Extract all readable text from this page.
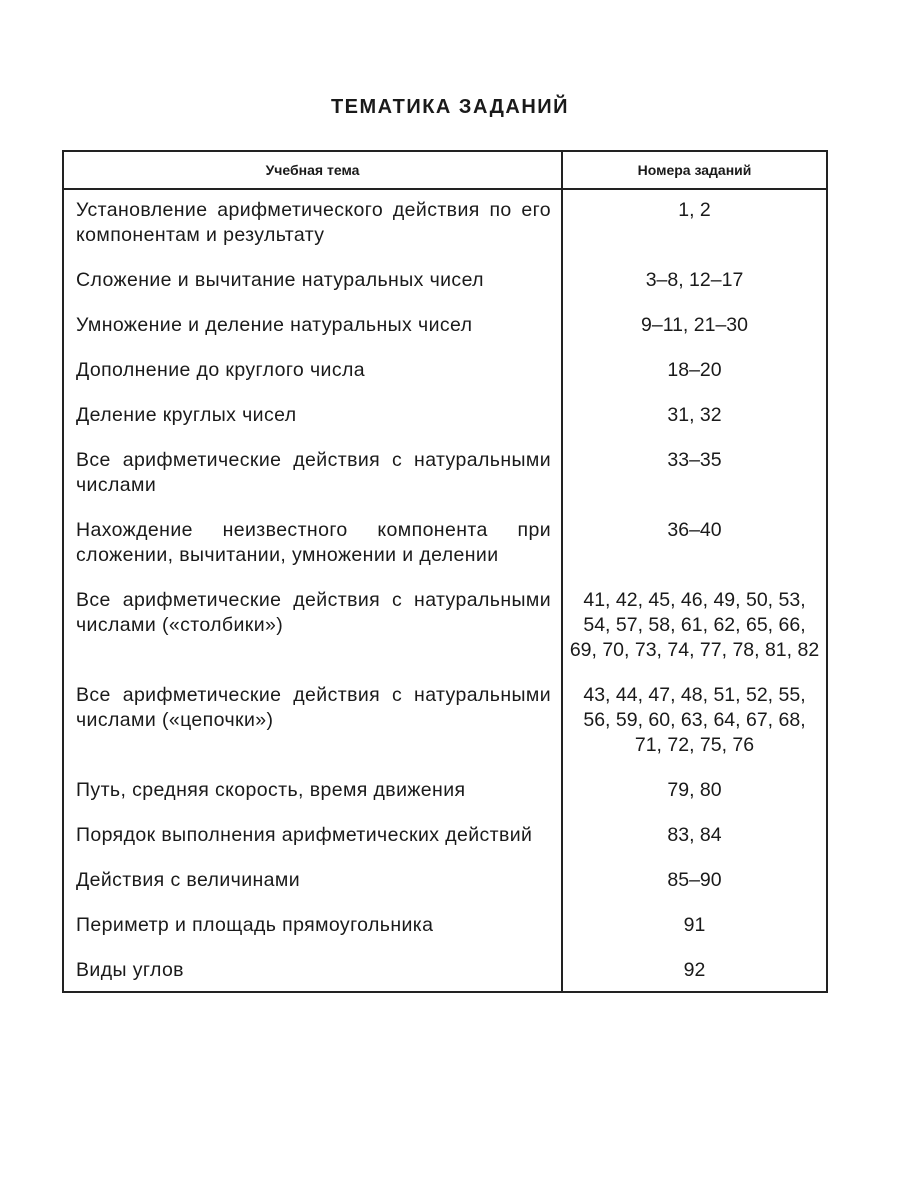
ТЕМАТИКА ЗАДАНИЙ
Учебная тема	Номера заданий

Установление арифметического действия по его компонентам и результату	1, 2

Сложение и вычитание натуральных чисел	3–8, 12–17

Умножение и деление натуральных чисел	9–11, 21–30

Дополнение до круглого числа	18–20

Деление круглых чисел	31, 32

Все арифметические действия с натуральными числами	33–35

Нахождение неизвестного компонента при сложении, вычитании, умножении и делении	36–40

Все арифметические действия с натуральными числами («столбики»)	41, 42, 45, 46, 49, 50, 53, 54, 57, 58, 61, 62, 65, 66, 69, 70, 73, 74, 77, 78, 81, 82

Все арифметические действия с натуральными числами («цепочки»)	43, 44, 47, 48, 51, 52, 55, 56, 59, 60, 63, 64, 67, 68, 71, 72, 75, 76

Путь, средняя скорость, время движения	79, 80

Порядок выполнения арифметических действий	83, 84

Действия с величинами	85–90

Периметр и площадь прямоугольника	91

Виды углов	92
